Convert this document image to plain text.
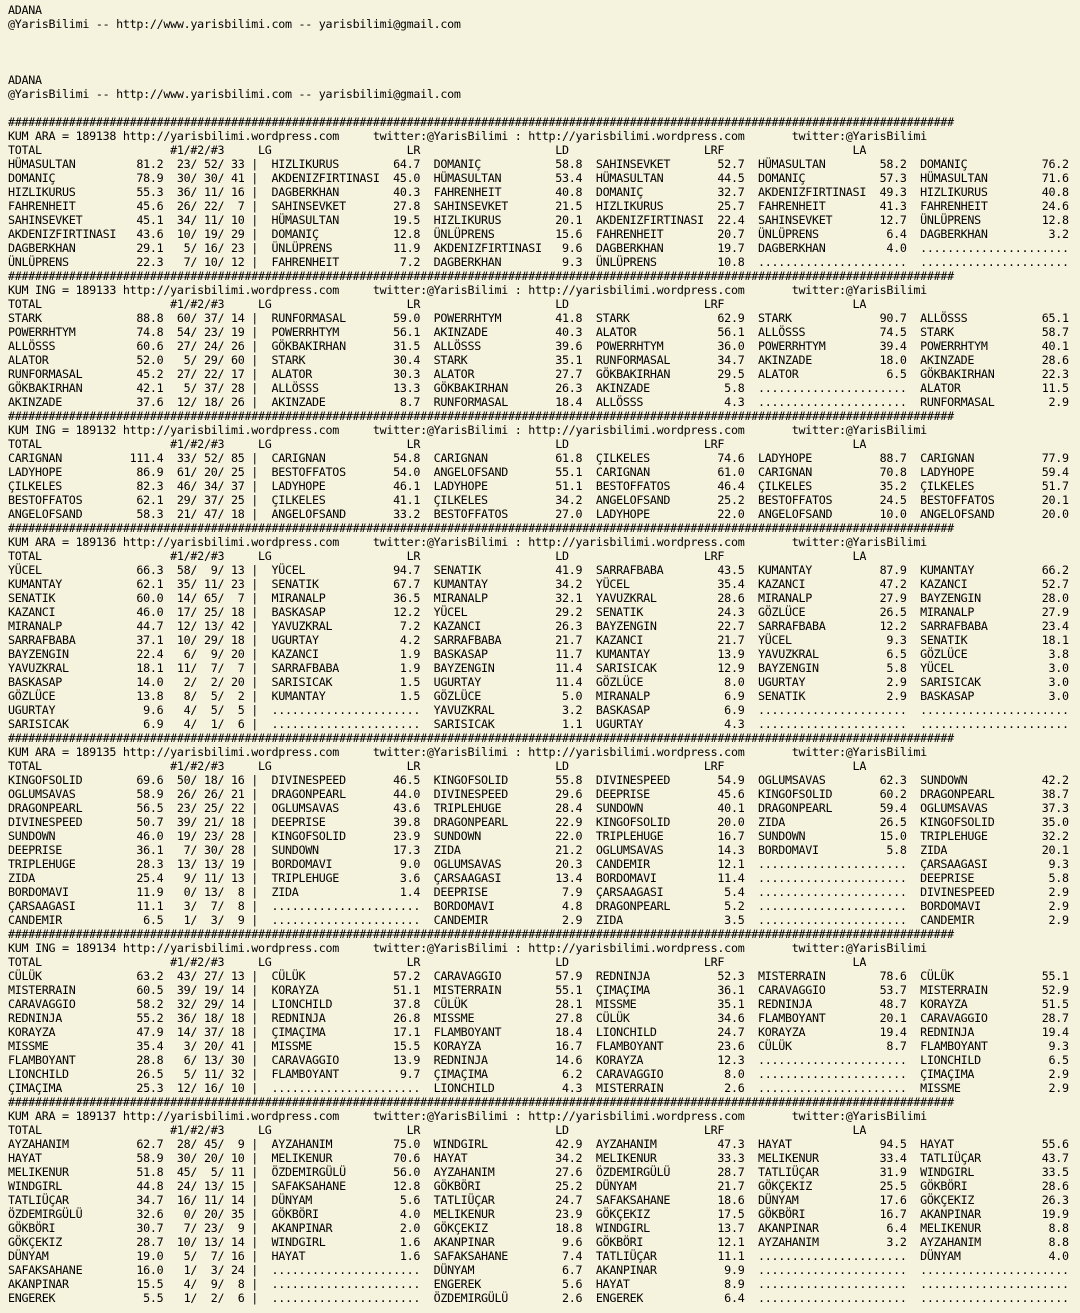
ADANA
@YarisBilimi -- http://www.yarisbilimi.com -- yarisbilimi@gmail.com

ADANA
@YarisBilimi -- http://www.yarisbilimi.com -- yarisbilimi@gmail.com

############################################################################################################################################
KUM ARA = 189138 http://yarisbilimi.wordpress.com     twitter:@YarisBilimi : http://yarisbilimi.wordpress.com       twitter:@YarisBilimi
TOTAL                   #1/#2/#3     LG                    LR                    LD                    LRF                   LA
HÜMASULTAN         81.2  23/ 52/ 33 |  HIZLIKURUS        64.7  DOMANIÇ           58.8  SAHINSEVKET       52.7  HÜMASULTAN        58.2  DOMANIÇ           76.2
DOMANIÇ            78.9  30/ 30/ 41 |  AKDENIZFIRTINASI  45.0  HÜMASULTAN        53.4  HÜMASULTAN        44.5  DOMANIÇ           57.3  HÜMASULTAN        71.6
HIZLIKURUS         55.3  36/ 11/ 16 |  DAGBERKHAN        40.3  FAHRENHEIT        40.8  DOMANIÇ           32.7  AKDENIZFIRTINASI  49.3  HIZLIKURUS        40.8
FAHRENHEIT         45.6  26/ 22/  7 |  SAHINSEVKET       27.8  SAHINSEVKET       21.5  HIZLIKURUS        25.7  FAHRENHEIT        41.3  FAHRENHEIT        24.6
SAHINSEVKET        45.1  34/ 11/ 10 |  HÜMASULTAN        19.5  HIZLIKURUS        20.1  AKDENIZFIRTINASI  22.4  SAHINSEVKET       12.7  ÜNLÜPRENS         12.8
AKDENIZFIRTINASI   43.6  10/ 19/ 29 |  DOMANIÇ           12.8  ÜNLÜPRENS         15.6  FAHRENHEIT        20.7  ÜNLÜPRENS          6.4  DAGBERKHAN         3.2
DAGBERKHAN         29.1   5/ 16/ 23 |  ÜNLÜPRENS         11.9  AKDENIZFIRTINASI   9.6  DAGBERKHAN        19.7  DAGBERKHAN         4.0  ......................
ÜNLÜPRENS          22.3   7/ 10/ 12 |  FAHRENHEIT         7.2  DAGBERKHAN         9.3  ÜNLÜPRENS         10.8  ......................  ......................
############################################################################################################################################
KUM ING = 189133 http://yarisbilimi.wordpress.com     twitter:@YarisBilimi : http://yarisbilimi.wordpress.com       twitter:@YarisBilimi
TOTAL                   #1/#2/#3     LG                    LR                    LD                    LRF                   LA
STARK              88.8  60/ 37/ 14 |  RUNFORMASAL       59.0  POWERRHTYM        41.8  STARK             62.9  STARK             90.7  ALLÖSSS           65.1
POWERRHTYM         74.8  54/ 23/ 19 |  POWERRHTYM        56.1  AKINZADE          40.3  ALATOR            56.1  ALLÖSSS           74.5  STARK             58.7
ALLÖSSS            60.6  27/ 24/ 26 |  GÖKBAKIRHAN       31.5  ALLÖSSS           39.6  POWERRHTYM        36.0  POWERRHTYM        39.4  POWERRHTYM        40.1
ALATOR             52.0   5/ 29/ 60 |  STARK             30.4  STARK             35.1  RUNFORMASAL       34.7  AKINZADE          18.0  AKINZADE          28.6
RUNFORMASAL        45.2  27/ 22/ 17 |  ALATOR            30.3  ALATOR            27.7  GÖKBAKIRHAN       29.5  ALATOR             6.5  GÖKBAKIRHAN       22.3
GÖKBAKIRHAN        42.1   5/ 37/ 28 |  ALLÖSSS           13.3  GÖKBAKIRHAN       26.3  AKINZADE           5.8  ......................  ALATOR            11.5
AKINZADE           37.6  12/ 18/ 26 |  AKINZADE           8.7  RUNFORMASAL       18.4  ALLÖSSS            4.3  ......................  RUNFORMASAL        2.9
############################################################################################################################################
KUM ING = 189132 http://yarisbilimi.wordpress.com     twitter:@YarisBilimi : http://yarisbilimi.wordpress.com       twitter:@YarisBilimi
TOTAL                   #1/#2/#3     LG                    LR                    LD                    LRF                   LA
CARIGNAN          111.4  33/ 52/ 85 |  CARIGNAN          54.8  CARIGNAN          61.8  ÇILKELES          74.6  LADYHOPE          88.7  CARIGNAN          77.9
LADYHOPE           86.9  61/ 20/ 25 |  BESTOFFATOS       54.0  ANGELOFSAND       55.1  CARIGNAN          61.0  CARIGNAN          70.8  LADYHOPE          59.4
ÇILKELES           82.3  46/ 34/ 37 |  LADYHOPE          46.1  LADYHOPE          51.1  BESTOFFATOS       46.4  ÇILKELES          35.2  ÇILKELES          51.7
BESTOFFATOS        62.1  29/ 37/ 25 |  ÇILKELES          41.1  ÇILKELES          34.2  ANGELOFSAND       25.2  BESTOFFATOS       24.5  BESTOFFATOS       20.1
ANGELOFSAND        58.3  21/ 47/ 18 |  ANGELOFSAND       33.2  BESTOFFATOS       27.0  LADYHOPE          22.0  ANGELOFSAND       10.0  ANGELOFSAND       20.0
############################################################################################################################################
KUM ARA = 189136 http://yarisbilimi.wordpress.com     twitter:@YarisBilimi : http://yarisbilimi.wordpress.com       twitter:@YarisBilimi
TOTAL                   #1/#2/#3     LG                    LR                    LD                    LRF                   LA
YÜCEL              66.3  58/  9/ 13 |  YÜCEL             94.7  SENATIK           41.9  SARRAFBABA        43.5  KUMANTAY          87.9  KUMANTAY          66.2
KUMANTAY           62.1  35/ 11/ 23 |  SENATIK           67.7  KUMANTAY          34.2  YÜCEL             35.4  KAZANCI           47.2  KAZANCI           52.7
SENATIK            60.0  14/ 65/  7 |  MIRANALP          36.5  MIRANALP          32.1  YAVUZKRAL         28.6  MIRANALP          27.9  BAYZENGIN         28.0
KAZANCI            46.0  17/ 25/ 18 |  BASKASAP          12.2  YÜCEL             29.2  SENATIK           24.3  GÖZLÜCE           26.5  MIRANALP          27.9
MIRANALP           44.7  12/ 13/ 42 |  YAVUZKRAL          7.2  KAZANCI           26.3  BAYZENGIN         22.7  SARRAFBABA        12.2  SARRAFBABA        23.4
SARRAFBABA         37.1  10/ 29/ 18 |  UGURTAY            4.2  SARRAFBABA        21.7  KAZANCI           21.7  YÜCEL              9.3  SENATIK           18.1
BAYZENGIN          22.4   6/  9/ 20 |  KAZANCI            1.9  BASKASAP          11.7  KUMANTAY          13.9  YAVUZKRAL          6.5  GÖZLÜCE            3.8
YAVUZKRAL          18.1  11/  7/  7 |  SARRAFBABA         1.9  BAYZENGIN         11.4  SARISICAK         12.9  BAYZENGIN          5.8  YÜCEL              3.0
BASKASAP           14.0   2/  2/ 20 |  SARISICAK          1.5  UGURTAY           11.4  GÖZLÜCE            8.0  UGURTAY            2.9  SARISICAK          3.0
GÖZLÜCE            13.8   8/  5/  2 |  KUMANTAY           1.5  GÖZLÜCE            5.0  MIRANALP           6.9  SENATIK            2.9  BASKASAP           3.0
UGURTAY             9.6   4/  5/  5 |  ......................  YAVUZKRAL          3.2  BASKASAP           6.9  ......................  ......................
SARISICAK           6.9   4/  1/  6 |  ......................  SARISICAK          1.1  UGURTAY            4.3  ......................  ......................
############################################################################################################################################
KUM ARA = 189135 http://yarisbilimi.wordpress.com     twitter:@YarisBilimi : http://yarisbilimi.wordpress.com       twitter:@YarisBilimi
TOTAL                   #1/#2/#3     LG                    LR                    LD                    LRF                   LA
KINGOFSOLID        69.6  50/ 18/ 16 |  DIVINESPEED       46.5  KINGOFSOLID       55.8  DIVINESPEED       54.9  OGLUMSAVAS        62.3  SUNDOWN           42.2
OGLUMSAVAS         58.9  26/ 26/ 21 |  DRAGONPEARL       44.0  DIVINESPEED       29.6  DEEPRISE          45.6  KINGOFSOLID       60.2  DRAGONPEARL       38.7
DRAGONPEARL        56.5  23/ 25/ 22 |  OGLUMSAVAS        43.6  TRIPLEHUGE        28.4  SUNDOWN           40.1  DRAGONPEARL       59.4  OGLUMSAVAS        37.3
DIVINESPEED        50.7  39/ 21/ 18 |  DEEPRISE          39.8  DRAGONPEARL       22.9  KINGOFSOLID       20.0  ZIDA              26.5  KINGOFSOLID       35.0
SUNDOWN            46.0  19/ 23/ 28 |  KINGOFSOLID       23.9  SUNDOWN           22.0  TRIPLEHUGE        16.7  SUNDOWN           15.0  TRIPLEHUGE        32.2
DEEPRISE           36.1   7/ 30/ 28 |  SUNDOWN           17.3  ZIDA              21.2  OGLUMSAVAS        14.3  BORDOMAVI          5.8  ZIDA              20.1
TRIPLEHUGE         28.3  13/ 13/ 19 |  BORDOMAVI          9.0  OGLUMSAVAS        20.3  CANDEMIR          12.1  ......................  ÇARSAAGASI         9.3
ZIDA               25.4   9/ 11/ 13 |  TRIPLEHUGE         3.6  ÇARSAAGASI        13.4  BORDOMAVI         11.4  ......................  DEEPRISE           5.8
BORDOMAVI          11.9   0/ 13/  8 |  ZIDA               1.4  DEEPRISE           7.9  ÇARSAAGASI         5.4  ......................  DIVINESPEED        2.9
ÇARSAAGASI         11.1   3/  7/  8 |  ......................  BORDOMAVI          4.8  DRAGONPEARL        5.2  ......................  BORDOMAVI          2.9
CANDEMIR            6.5   1/  3/  9 |  ......................  CANDEMIR           2.9  ZIDA               3.5  ......................  CANDEMIR           2.9
############################################################################################################################################
KUM ING = 189134 http://yarisbilimi.wordpress.com     twitter:@YarisBilimi : http://yarisbilimi.wordpress.com       twitter:@YarisBilimi
TOTAL                   #1/#2/#3     LG                    LR                    LD                    LRF                   LA
CÜLÜK              63.2  43/ 27/ 13 |  CÜLÜK             57.2  CARAVAGGIO        57.9  REDNINJA          52.3  MISTERRAIN        78.6  CÜLÜK             55.1
MISTERRAIN         60.5  39/ 19/ 14 |  KORAYZA           51.1  MISTERRAIN        55.1  ÇIMAÇIMA          36.1  CARAVAGGIO        53.7  MISTERRAIN        52.9
CARAVAGGIO         58.2  32/ 29/ 14 |  LIONCHILD         37.8  CÜLÜK             28.1  MISSME            35.1  REDNINJA          48.7  KORAYZA           51.5
REDNINJA           55.2  36/ 18/ 18 |  REDNINJA          26.8  MISSME            27.8  CÜLÜK             34.6  FLAMBOYANT        20.1  CARAVAGGIO        28.7
KORAYZA            47.9  14/ 37/ 18 |  ÇIMAÇIMA          17.1  FLAMBOYANT        18.4  LIONCHILD         24.7  KORAYZA           19.4  REDNINJA          19.4
MISSME             35.4   3/ 20/ 41 |  MISSME            15.5  KORAYZA           16.7  FLAMBOYANT        23.6  CÜLÜK              8.7  FLAMBOYANT         9.3
FLAMBOYANT         28.8   6/ 13/ 30 |  CARAVAGGIO        13.9  REDNINJA          14.6  KORAYZA           12.3  ......................  LIONCHILD          6.5
LIONCHILD          26.5   5/ 11/ 32 |  FLAMBOYANT         9.7  ÇIMAÇIMA           6.2  CARAVAGGIO         8.0  ......................  ÇIMAÇIMA           2.9
ÇIMAÇIMA           25.3  12/ 16/ 10 |  ......................  LIONCHILD          4.3  MISTERRAIN         2.6  ......................  MISSME             2.9
############################################################################################################################################
KUM ARA = 189137 http://yarisbilimi.wordpress.com     twitter:@YarisBilimi : http://yarisbilimi.wordpress.com       twitter:@YarisBilimi
TOTAL                   #1/#2/#3     LG                    LR                    LD                    LRF                   LA
AYZAHANIM          62.7  28/ 45/  9 |  AYZAHANIM         75.0  WINDGIRL          42.9  AYZAHANIM         47.3  HAYAT             94.5  HAYAT             55.6
HAYAT              58.9  30/ 20/ 10 |  MELIKENUR         70.6  HAYAT             34.2  MELIKENUR         33.3  MELIKENUR         33.4  TATLIÜÇAR         43.7
MELIKENUR          51.8  45/  5/ 11 |  ÖZDEMIRGÜLÜ       56.0  AYZAHANIM         27.6  ÖZDEMIRGÜLÜ       28.7  TATLIÜÇAR         31.9  WINDGIRL          33.5
WINDGIRL           44.8  24/ 13/ 15 |  SAFAKSAHANE       12.8  GÖKBÖRI           25.2  DÜNYAM            21.7  GÖKÇEKIZ          25.5  GÖKBÖRI           28.6
TATLIÜÇAR          34.7  16/ 11/ 14 |  DÜNYAM             5.6  TATLIÜÇAR         24.7  SAFAKSAHANE       18.6  DÜNYAM            17.6  GÖKÇEKIZ          26.3
ÖZDEMIRGÜLÜ        32.6   0/ 20/ 35 |  GÖKBÖRI            4.0  MELIKENUR         23.9  GÖKÇEKIZ          17.5  GÖKBÖRI           16.7  AKANPINAR         19.9
GÖKBÖRI            30.7   7/ 23/  9 |  AKANPINAR          2.0  GÖKÇEKIZ          18.8  WINDGIRL          13.7  AKANPINAR          6.4  MELIKENUR          8.8
GÖKÇEKIZ           28.7  10/ 13/ 14 |  WINDGIRL           1.6  AKANPINAR          9.6  GÖKBÖRI           12.1  AYZAHANIM          3.2  AYZAHANIM          8.8
DÜNYAM             19.0   5/  7/ 16 |  HAYAT              1.6  SAFAKSAHANE        7.4  TATLIÜÇAR         11.1  ......................  DÜNYAM             4.0
SAFAKSAHANE        16.0   1/  3/ 24 |  ......................  DÜNYAM             6.7  AKANPINAR          9.9  ......................  ......................
AKANPINAR          15.5   4/  9/  8 |  ......................  ENGEREK            5.6  HAYAT              8.9  ......................  ......................
ENGEREK             5.5   1/  2/  6 |  ......................  ÖZDEMIRGÜLÜ        2.6  ENGEREK            6.4  ......................  ......................
